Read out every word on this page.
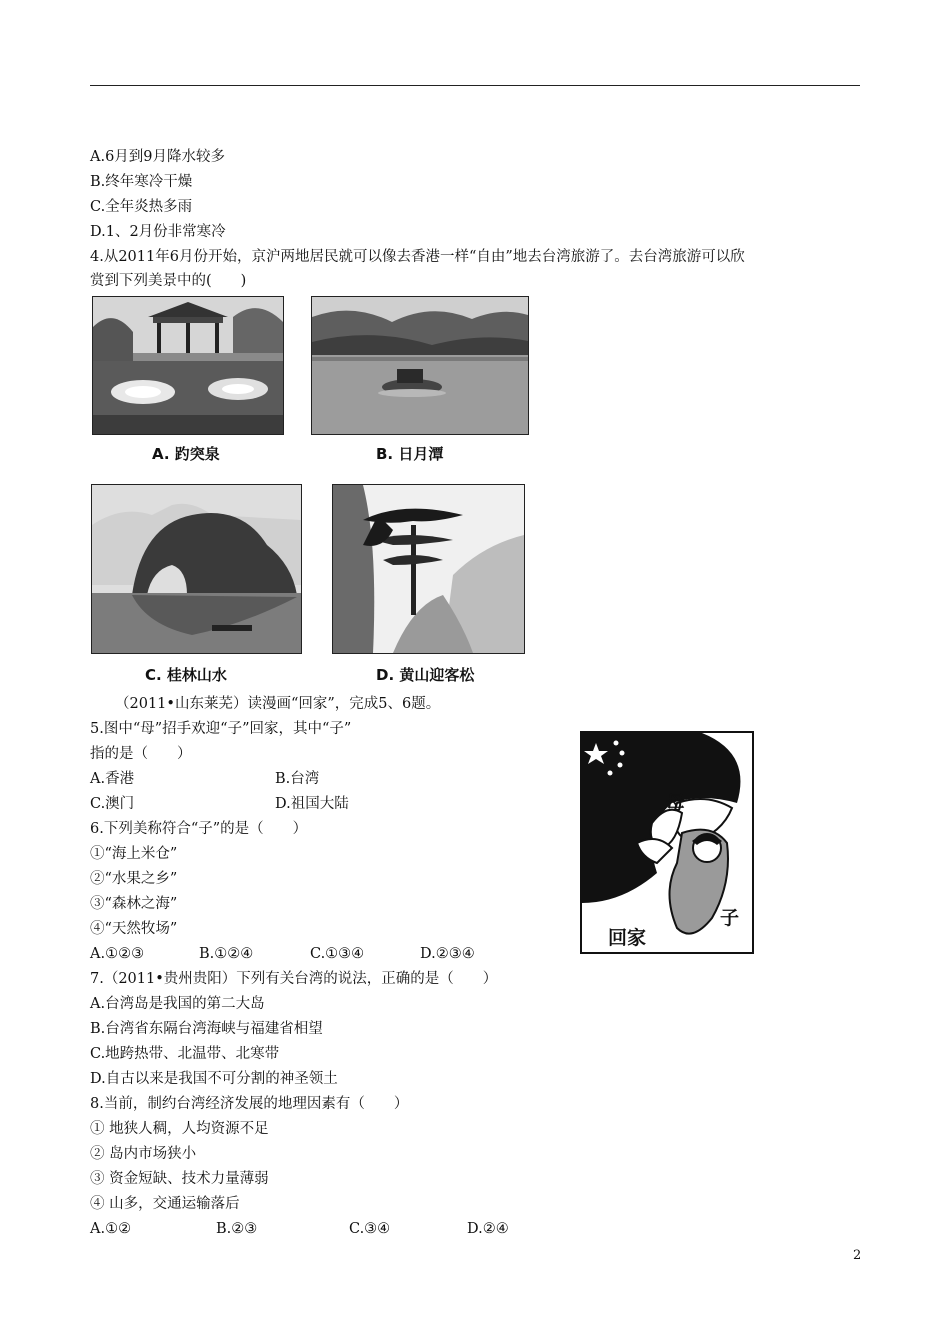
A.6月到9月降水较多
B.终年寒冷干燥
C.全年炎热多雨
D.1、2月份非常寒冷
4.从2011年6月份开始，京沪两地居民就可以像去香港一样“自由”地去台湾旅游了。去台湾旅游可以欣
赏到下列美景中的(　　)
A. 趵突泉	B. 日月潭
C. 桂林山水	D. 黄山迎客松
（2011•山东莱芜）读漫画“回家”，完成5、6题。
5.图中“母”招手欢迎“子”回家，其中“子”
指的是（　　）
A.香港	B.台湾
C.澳门	D.祖国大陆	母
子
回家
6.下列美称符合“子”的是（　　）
①“海上米仓”
②“水果之乡”
③“森林之海”
④“天然牧场”
A.①②③	B.①②④	C.①③④	D.②③④
7.（2011•贵州贵阳）下列有关台湾的说法，正确的是（　　）
A.台湾岛是我国的第二大岛
B.台湾省东隔台湾海峡与福建省相望
C.地跨热带、北温带、北寒带
D.自古以来是我国不可分割的神圣领土
8.当前，制约台湾经济发展的地理因素有（　　）
① 地狭人稠，人均资源不足
② 岛内市场狭小
③ 资金短缺、技术力量薄弱
④ 山多，交通运输落后
A.①②	B.②③	C.③④	D.②④
2
